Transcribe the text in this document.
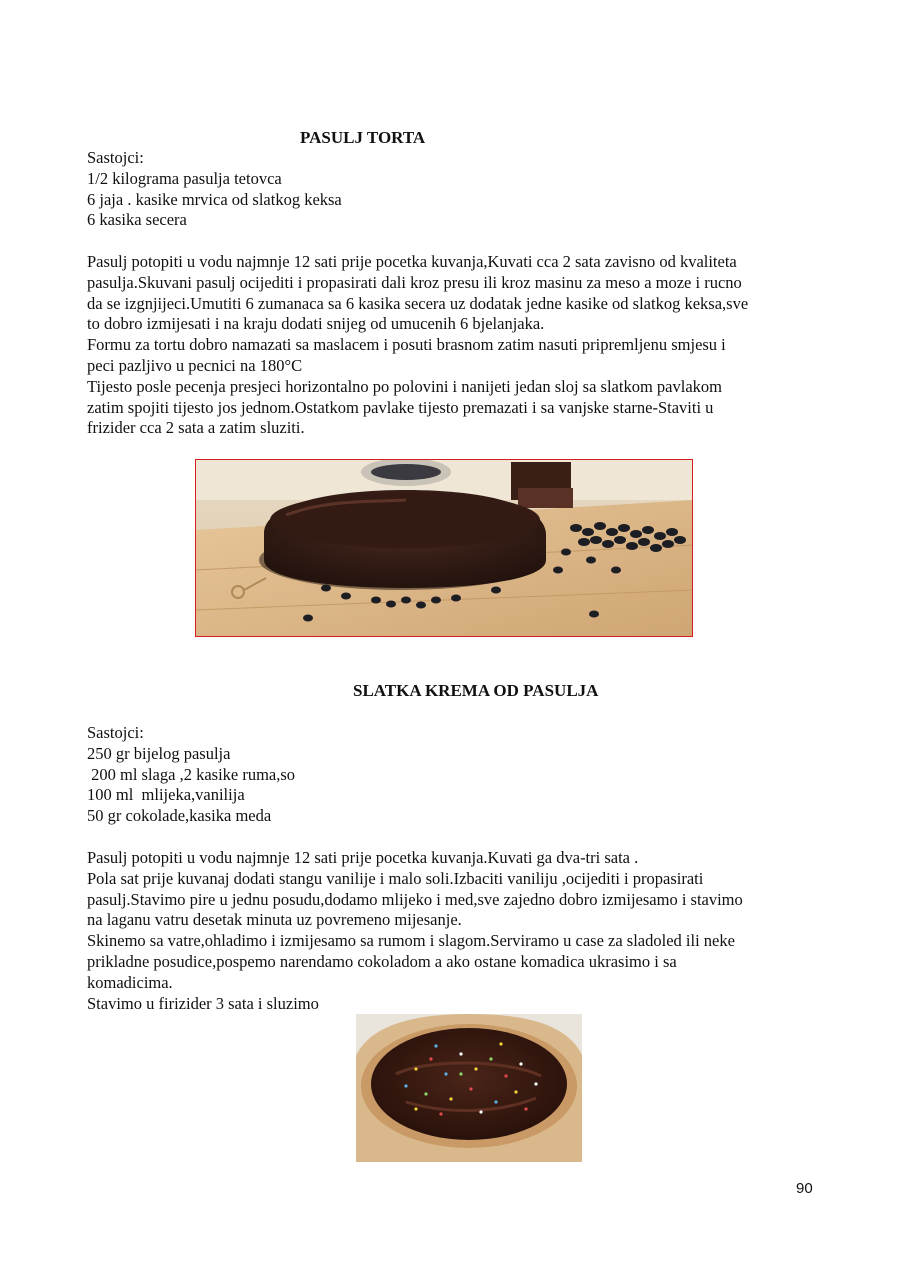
PASULJ TORTA
Sastojci:
1/2 kilograma pasulja tetovca
6 jaja . kasike mrvica od slatkog keksa
6 kasika secera
Pasulj potopiti u vodu najmnje 12 sati prije pocetka kuvanja,Kuvati cca 2 sata zavisno od kvaliteta
pasulja.Skuvani pasulj ocijediti i propasirati dali kroz presu ili kroz masinu za meso a moze i rucno
da se izgnjijeci.Umutiti 6 zumanaca sa 6 kasika secera uz dodatak jedne kasike od slatkog keksa,sve
to dobro izmijesati i na kraju dodati snijeg od umucenih 6 bjelanjaka.
Formu za tortu dobro namazati sa maslacem i posuti brasnom zatim nasuti pripremljenu smjesu i
peci pazljivo u pecnici na 180°C
Tijesto posle pecenja presjeci horizontalno po polovini i nanijeti jedan sloj sa slatkom pavlakom
zatim spojiti tijesto jos jednom.Ostatkom pavlake tijesto premazati i sa vanjske starne-Staviti u
frizider cca 2 sata a zatim sluziti.
SLATKA KREMA OD PASULJA
Sastojci:
250 gr bijelog pasulja
200 ml slaga ,2 kasike ruma,so
100 ml  mlijeka,vanilija
50 gr cokolade,kasika meda
Pasulj potopiti u vodu najmnje 12 sati prije pocetka kuvanja.Kuvati ga dva-tri sata .
Pola sat prije kuvanaj dodati stangu vanilije i malo soli.Izbaciti vaniliju ,ocijediti i propasirati
pasulj.Stavimo pire u jednu posudu,dodamo mlijeko i med,sve zajedno dobro izmijesamo i stavimo
na laganu vatru desetak minuta uz povremeno mijesanje.
Skinemo sa vatre,ohladimo i izmijesamo sa rumom i slagom.Serviramo u case za sladoled ili neke
prikladne posudice,pospemo narendamo cokoladom a ako ostane komadica ukrasimo i sa
komadicima.
Stavimo u firizider 3 sata i sluzimo
90
